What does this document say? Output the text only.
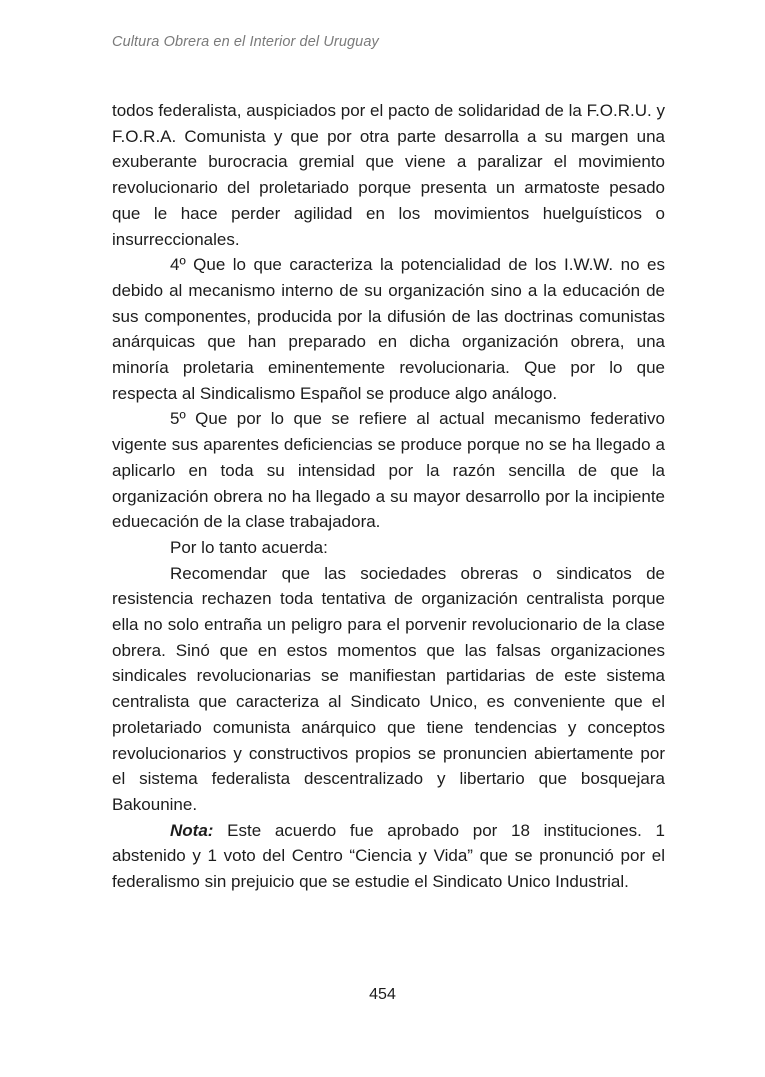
Cultura Obrera en el Interior del Uruguay

todos federalista, auspiciados por el pacto de solidaridad de la F.O.R.U. y F.O.R.A. Comunista y que por otra parte desarrolla a su margen una exuberante burocracia gremial que viene a paralizar el movimiento revolucionario del proletariado porque presenta un armatoste pesado que le hace perder agilidad en los movimientos huelguísticos o insurreccionales.

4º Que lo que caracteriza la potencialidad de los I.W.W. no es debido al mecanismo interno de su organización sino a la educación de sus componentes, producida por la difusión de las doctrinas comunistas anárquicas que han preparado en dicha organización obrera, una minoría proletaria eminentemente revolucionaria. Que por lo que respecta al Sindicalismo Español se produce algo análogo.

5º Que por lo que se refiere al actual mecanismo federativo vigente sus aparentes deficiencias se produce porque no se ha llegado a aplicarlo en toda su intensidad por la razón sencilla de que la organización obrera no ha llegado a su mayor desarrollo por la incipiente eduecación de la clase trabajadora.

Por lo tanto acuerda:

Recomendar que las sociedades obreras o sindicatos de resistencia rechazen toda tentativa de organización centralista porque ella no solo entraña un peligro para el porvenir revolucionario de la clase obrera. Sinó que en estos momentos que las falsas organizaciones sindicales revolucionarias se manifiestan partidarias de este sistema centralista que caracteriza al Sindicato Unico, es conveniente que el proletariado comunista anárquico que tiene tendencias y conceptos revolucionarios y constructivos propios se pronuncien abiertamente por el sistema federalista descentralizado y libertario que bosquejara Bakounine.

Nota: Este acuerdo fue aprobado por 18 instituciones. 1 abstenido y 1 voto del Centro “Ciencia y Vida” que se pronunció por el federalismo sin prejuicio que se estudie el Sindicato Unico Industrial.

454
